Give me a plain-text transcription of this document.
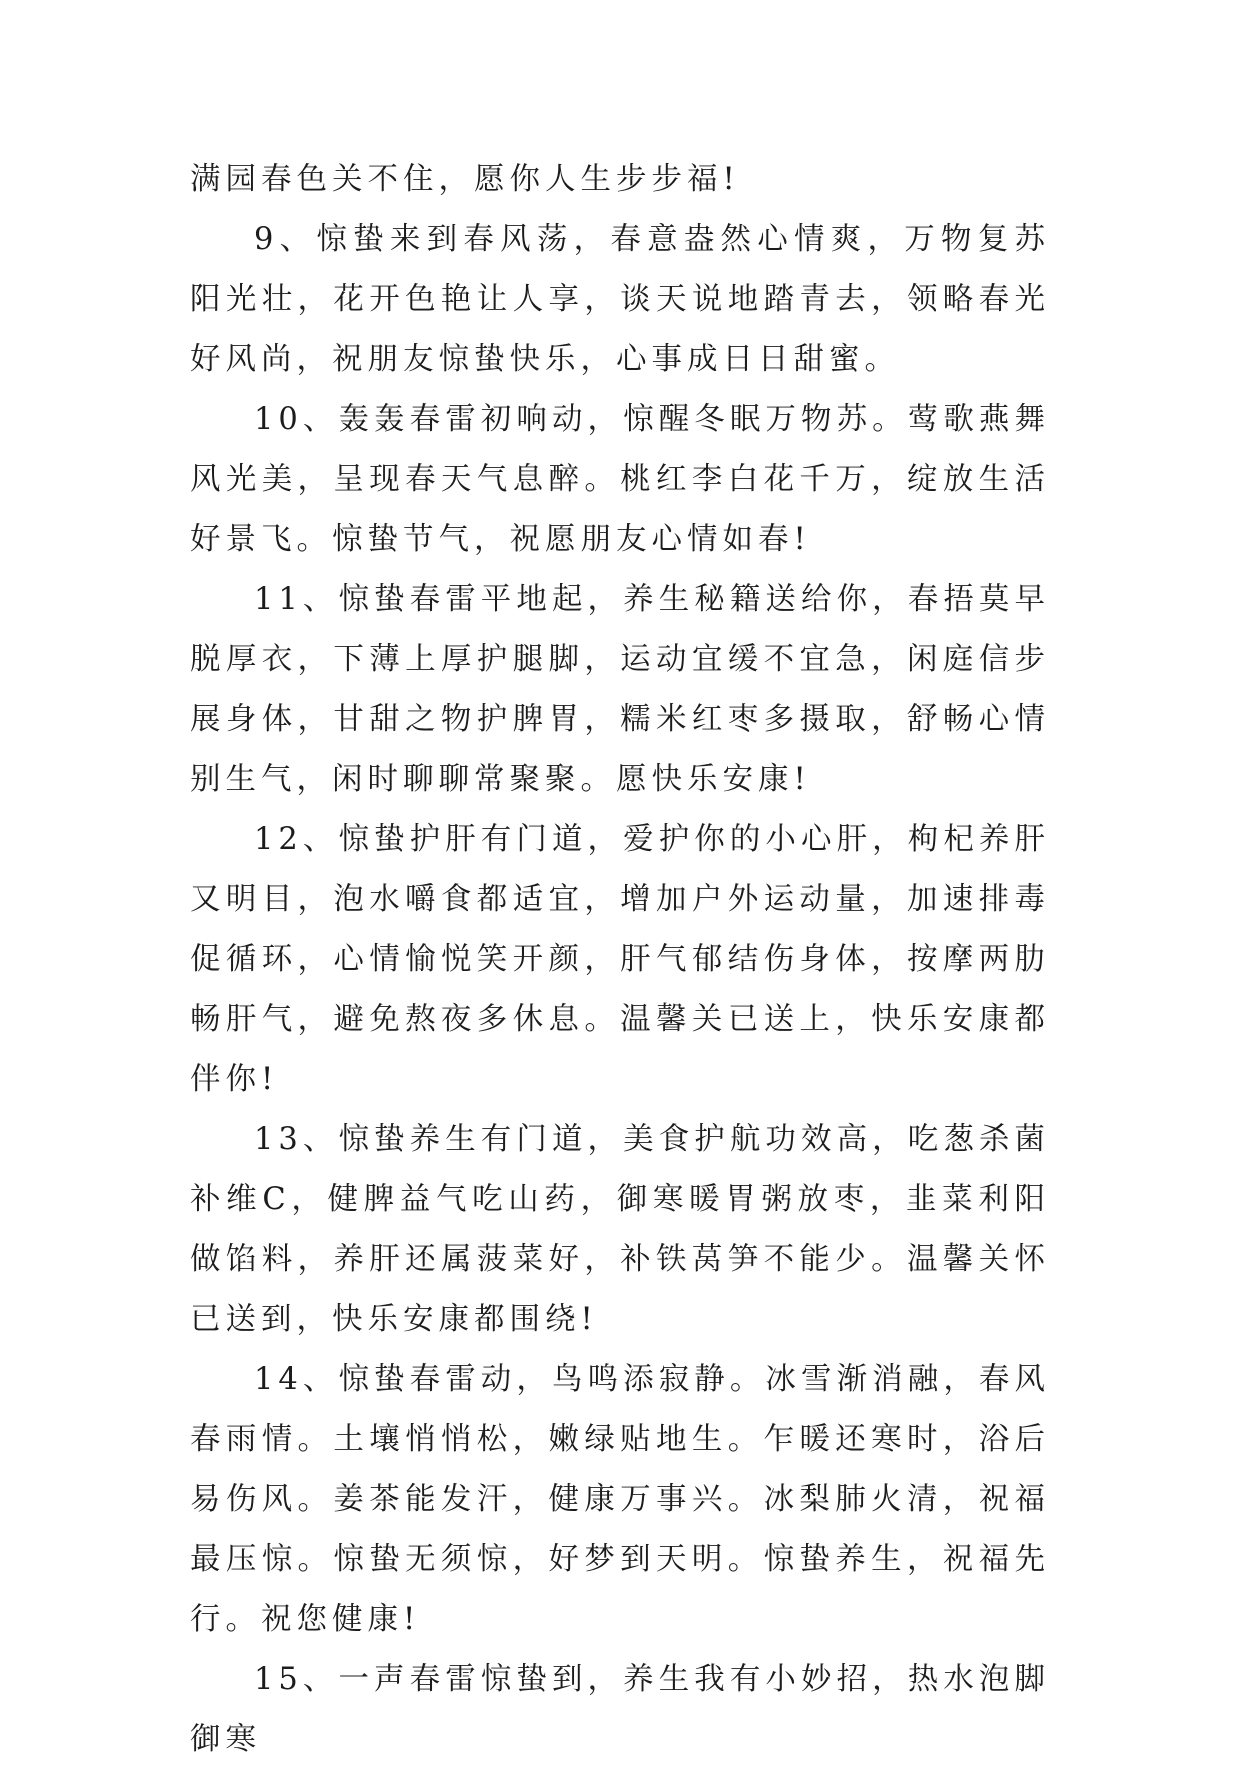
满园春色关不住，愿你人生步步福!

9、惊蛰来到春风荡，春意盎然心情爽，万物复苏阳光壮，花开色艳让人享，谈天说地踏青去，领略春光好风尚，祝朋友惊蛰快乐，心事成日日甜蜜。

10、轰轰春雷初响动，惊醒冬眠万物苏。莺歌燕舞风光美，呈现春天气息醉。桃红李白花千万，绽放生活好景飞。惊蛰节气，祝愿朋友心情如春!

11、惊蛰春雷平地起，养生秘籍送给你，春捂莫早脱厚衣，下薄上厚护腿脚，运动宜缓不宜急，闲庭信步展身体，甘甜之物护脾胃，糯米红枣多摄取，舒畅心情别生气，闲时聊聊常聚聚。愿快乐安康!

12、惊蛰护肝有门道，爱护你的小心肝，枸杞养肝又明目，泡水嚼食都适宜，增加户外运动量，加速排毒促循环，心情愉悦笑开颜，肝气郁结伤身体，按摩两肋畅肝气，避免熬夜多休息。温馨关已送上，快乐安康都伴你!

13、惊蛰养生有门道，美食护航功效高，吃葱杀菌补维C，健脾益气吃山药，御寒暖胃粥放枣，韭菜利阳做馅料，养肝还属菠菜好，补铁莴笋不能少。温馨关怀已送到，快乐安康都围绕!

14、惊蛰春雷动，鸟鸣添寂静。冰雪渐消融，春风春雨情。土壤悄悄松，嫩绿贴地生。乍暖还寒时，浴后易伤风。姜茶能发汗，健康万事兴。冰梨肺火清，祝福最压惊。惊蛰无须惊，好梦到天明。惊蛰养生，祝福先行。祝您健康!

15、一声春雷惊蛰到，养生我有小妙招，热水泡脚御寒
